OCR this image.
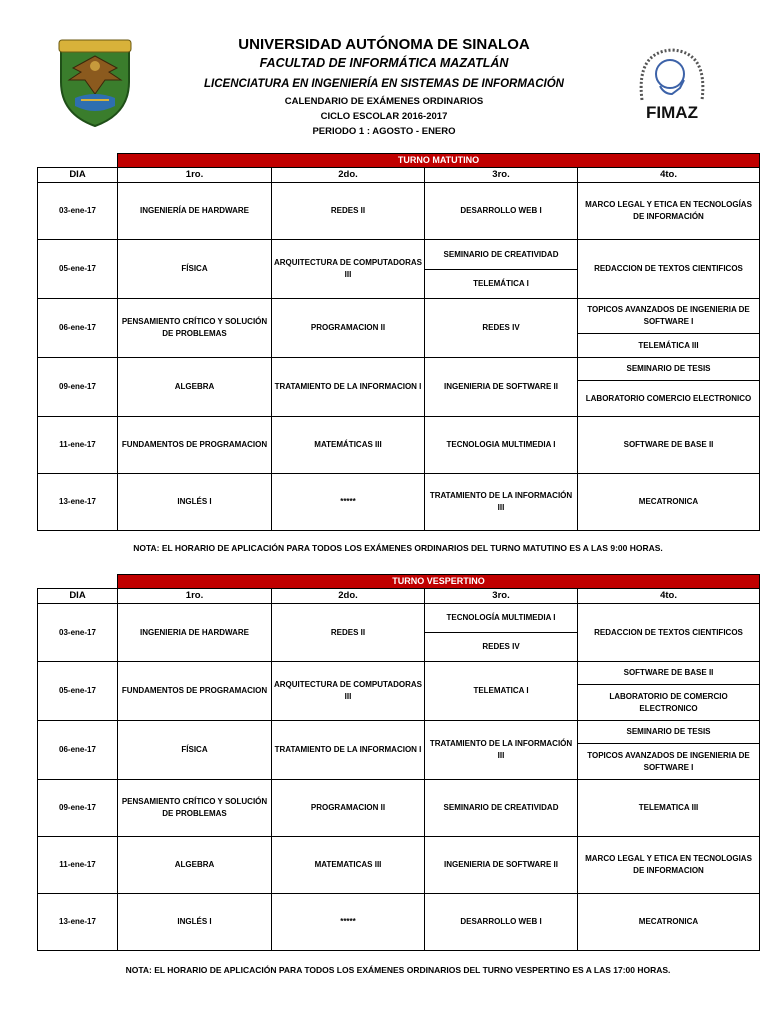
FIMAZ
UNIVERSIDAD AUTÓNOMA DE SINALOA
FACULTAD DE INFORMÁTICA MAZATLÁN
LICENCIATURA EN INGENIERÍA EN SISTEMAS DE INFORMACIÓN
CALENDARIO DE EXÁMENES ORDINARIOS
CICLO ESCOLAR 2016-2017
PERIODO 1 : AGOSTO - ENERO
	TURNO MATUTINO			
DIA	1ro.	2do.	3ro.	4to.
03-ene-17	INGENIERÍA DE HARDWARE	REDES II	DESARROLLO WEB I	MARCO LEGAL Y ETICA EN TECNOLOGÍAS DE INFORMACIÓN
05-ene-17	FÍSICA	ARQUITECTURA DE COMPUTADORAS III	SEMINARIO DE CREATIVIDAD	REDACCION DE TEXTOS CIENTIFICOS
			TELEMÁTICA I	
06-ene-17	PENSAMIENTO CRÍTICO Y SOLUCIÓN DE PROBLEMAS	PROGRAMACION II	REDES IV	TOPICOS AVANZADOS DE INGENIERIA DE SOFTWARE I
				TELEMÁTICA III
09-ene-17	ALGEBRA	TRATAMIENTO DE LA INFORMACION I	INGENIERIA DE SOFTWARE II	SEMINARIO DE TESIS
				LABORATORIO COMERCIO ELECTRONICO
11-ene-17	FUNDAMENTOS DE PROGRAMACION	MATEMÁTICAS III	TECNOLOGIA MULTIMEDIA I	SOFTWARE DE BASE II
13-ene-17	INGLÉS I	*****	TRATAMIENTO DE LA INFORMACIÓN III	MECATRONICA
NOTA: EL HORARIO DE APLICACIÓN PARA TODOS LOS EXÁMENES ORDINARIOS DEL TURNO MATUTINO ES A LAS 9:00 HORAS.
	TURNO VESPERTINO			
DIA	1ro.	2do.	3ro.	4to.
03-ene-17	INGENIERIA DE HARDWARE	REDES II	TECNOLOGÍA MULTIMEDIA I	REDACCION DE TEXTOS CIENTIFICOS
			REDES IV	
05-ene-17	FUNDAMENTOS DE PROGRAMACION	ARQUITECTURA DE COMPUTADORAS III	TELEMATICA I	SOFTWARE DE BASE II
				LABORATORIO DE COMERCIO ELECTRONICO
06-ene-17	FÍSICA	TRATAMIENTO DE LA INFORMACION I	TRATAMIENTO DE LA INFORMACIÓN III	SEMINARIO DE TESIS
				TOPICOS AVANZADOS DE INGENIERIA DE SOFTWARE I
09-ene-17	PENSAMIENTO CRÍTICO Y SOLUCIÓN DE PROBLEMAS	PROGRAMACION II	SEMINARIO DE CREATIVIDAD	TELEMATICA III
11-ene-17	ALGEBRA	MATEMATICAS III	INGENIERIA DE SOFTWARE II	MARCO LEGAL Y ETICA EN TECNOLOGIAS DE INFORMACION
13-ene-17	INGLÉS I	*****	DESARROLLO WEB I	MECATRONICA
NOTA: EL HORARIO DE APLICACIÓN PARA TODOS LOS EXÁMENES ORDINARIOS DEL TURNO VESPERTINO ES A LAS 17:00 HORAS.
